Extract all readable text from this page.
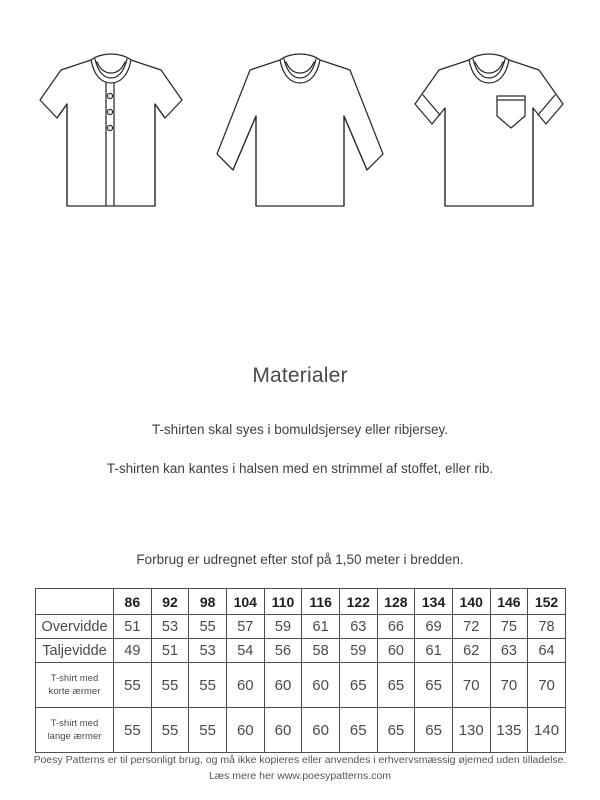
Materialer
T-shirten skal syes i bomuldsjersey eller ribjersey.
T-shirten kan kantes i halsen med en strimmel af stoffet, eller rib.
Forbrug er udregnet efter stof på 1,50 meter i bredden.
	86	92	98	104	110	116	122	128	134	140	146	152
Overvidde	51	53	55	57	59	61	63	66	69	72	75	78
Taljevidde	49	51	53	54	56	58	59	60	61	62	63	64

T-shirt med
korte ærmer	55	55	55	60	60	60	65	65	65	70	70	70

T-shirt med
lange ærmer	55	55	55	60	60	60	65	65	65	130	135	140
Poesy Patterns er til personligt brug, og må ikke kopieres eller anvendes i erhvervsmæssig øjemed uden tilladelse.
Læs mere her www.poesypatterns.com
